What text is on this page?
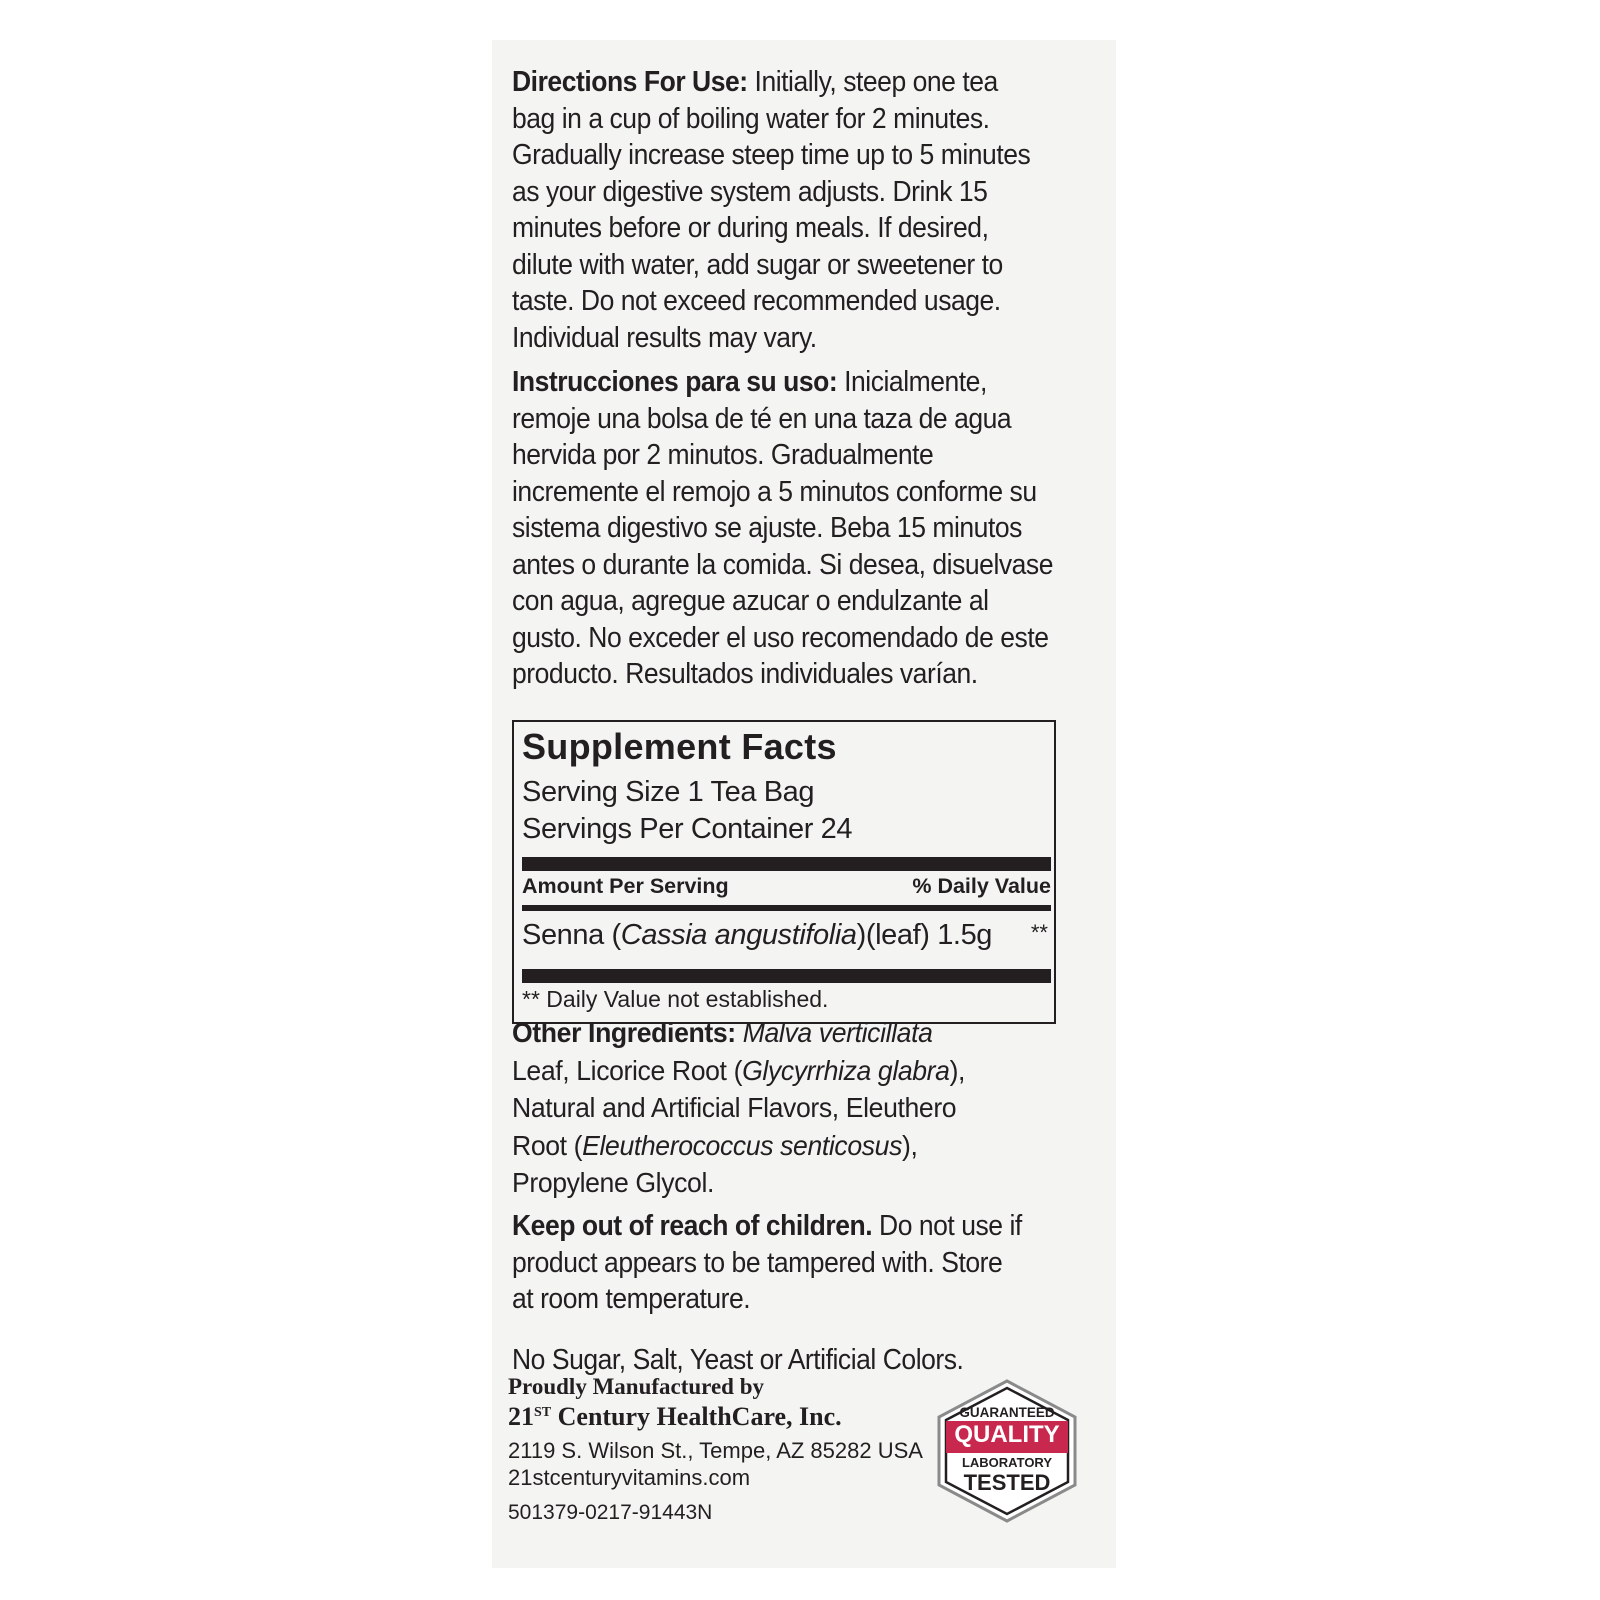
Directions For Use: Initially, steep one tea
bag in a cup of boiling water for 2 minutes.
Gradually increase steep time up to 5 minutes
as your digestive system adjusts. Drink 15
minutes before or during meals. If desired,
dilute with water, add sugar or sweetener to
taste. Do not exceed recommended usage.
Individual results may vary.
Instrucciones para su uso: Inicialmente,
remoje una bolsa de té en una taza de agua
hervida por 2 minutos. Gradualmente
incremente el remojo a 5 minutos conforme su
sistema digestivo se ajuste. Beba 15 minutos
antes o durante la comida. Si desea, disuelvase
con agua, agregue azucar o endulzante al
gusto. No exceder el uso recomendado de este
producto. Resultados individuales varían.
Supplement Facts
Serving Size 1 Tea Bag
Servings Per Container 24
Amount Per Serving	% Daily Value
Senna (Cassia angustifolia)(leaf) 1.5g **
** Daily Value not established.
Other Ingredients: Malva verticillata
Leaf, Licorice Root (Glycyrrhiza glabra),
Natural and Artificial Flavors, Eleuthero
Root (Eleutherococcus senticosus),
Propylene Glycol.
Keep out of reach of children. Do not use if
product appears to be tampered with. Store
at room temperature.
No Sugar, Salt, Yeast or Artificial Colors.
Proudly Manufactured by
21ST Century HealthCare, Inc.
2119 S. Wilson St., Tempe, AZ 85282 USA
21stcenturyvitamins.com
501379-0217-91443N
GUARANTEED
QUALITY
LABORATORY
TESTED
